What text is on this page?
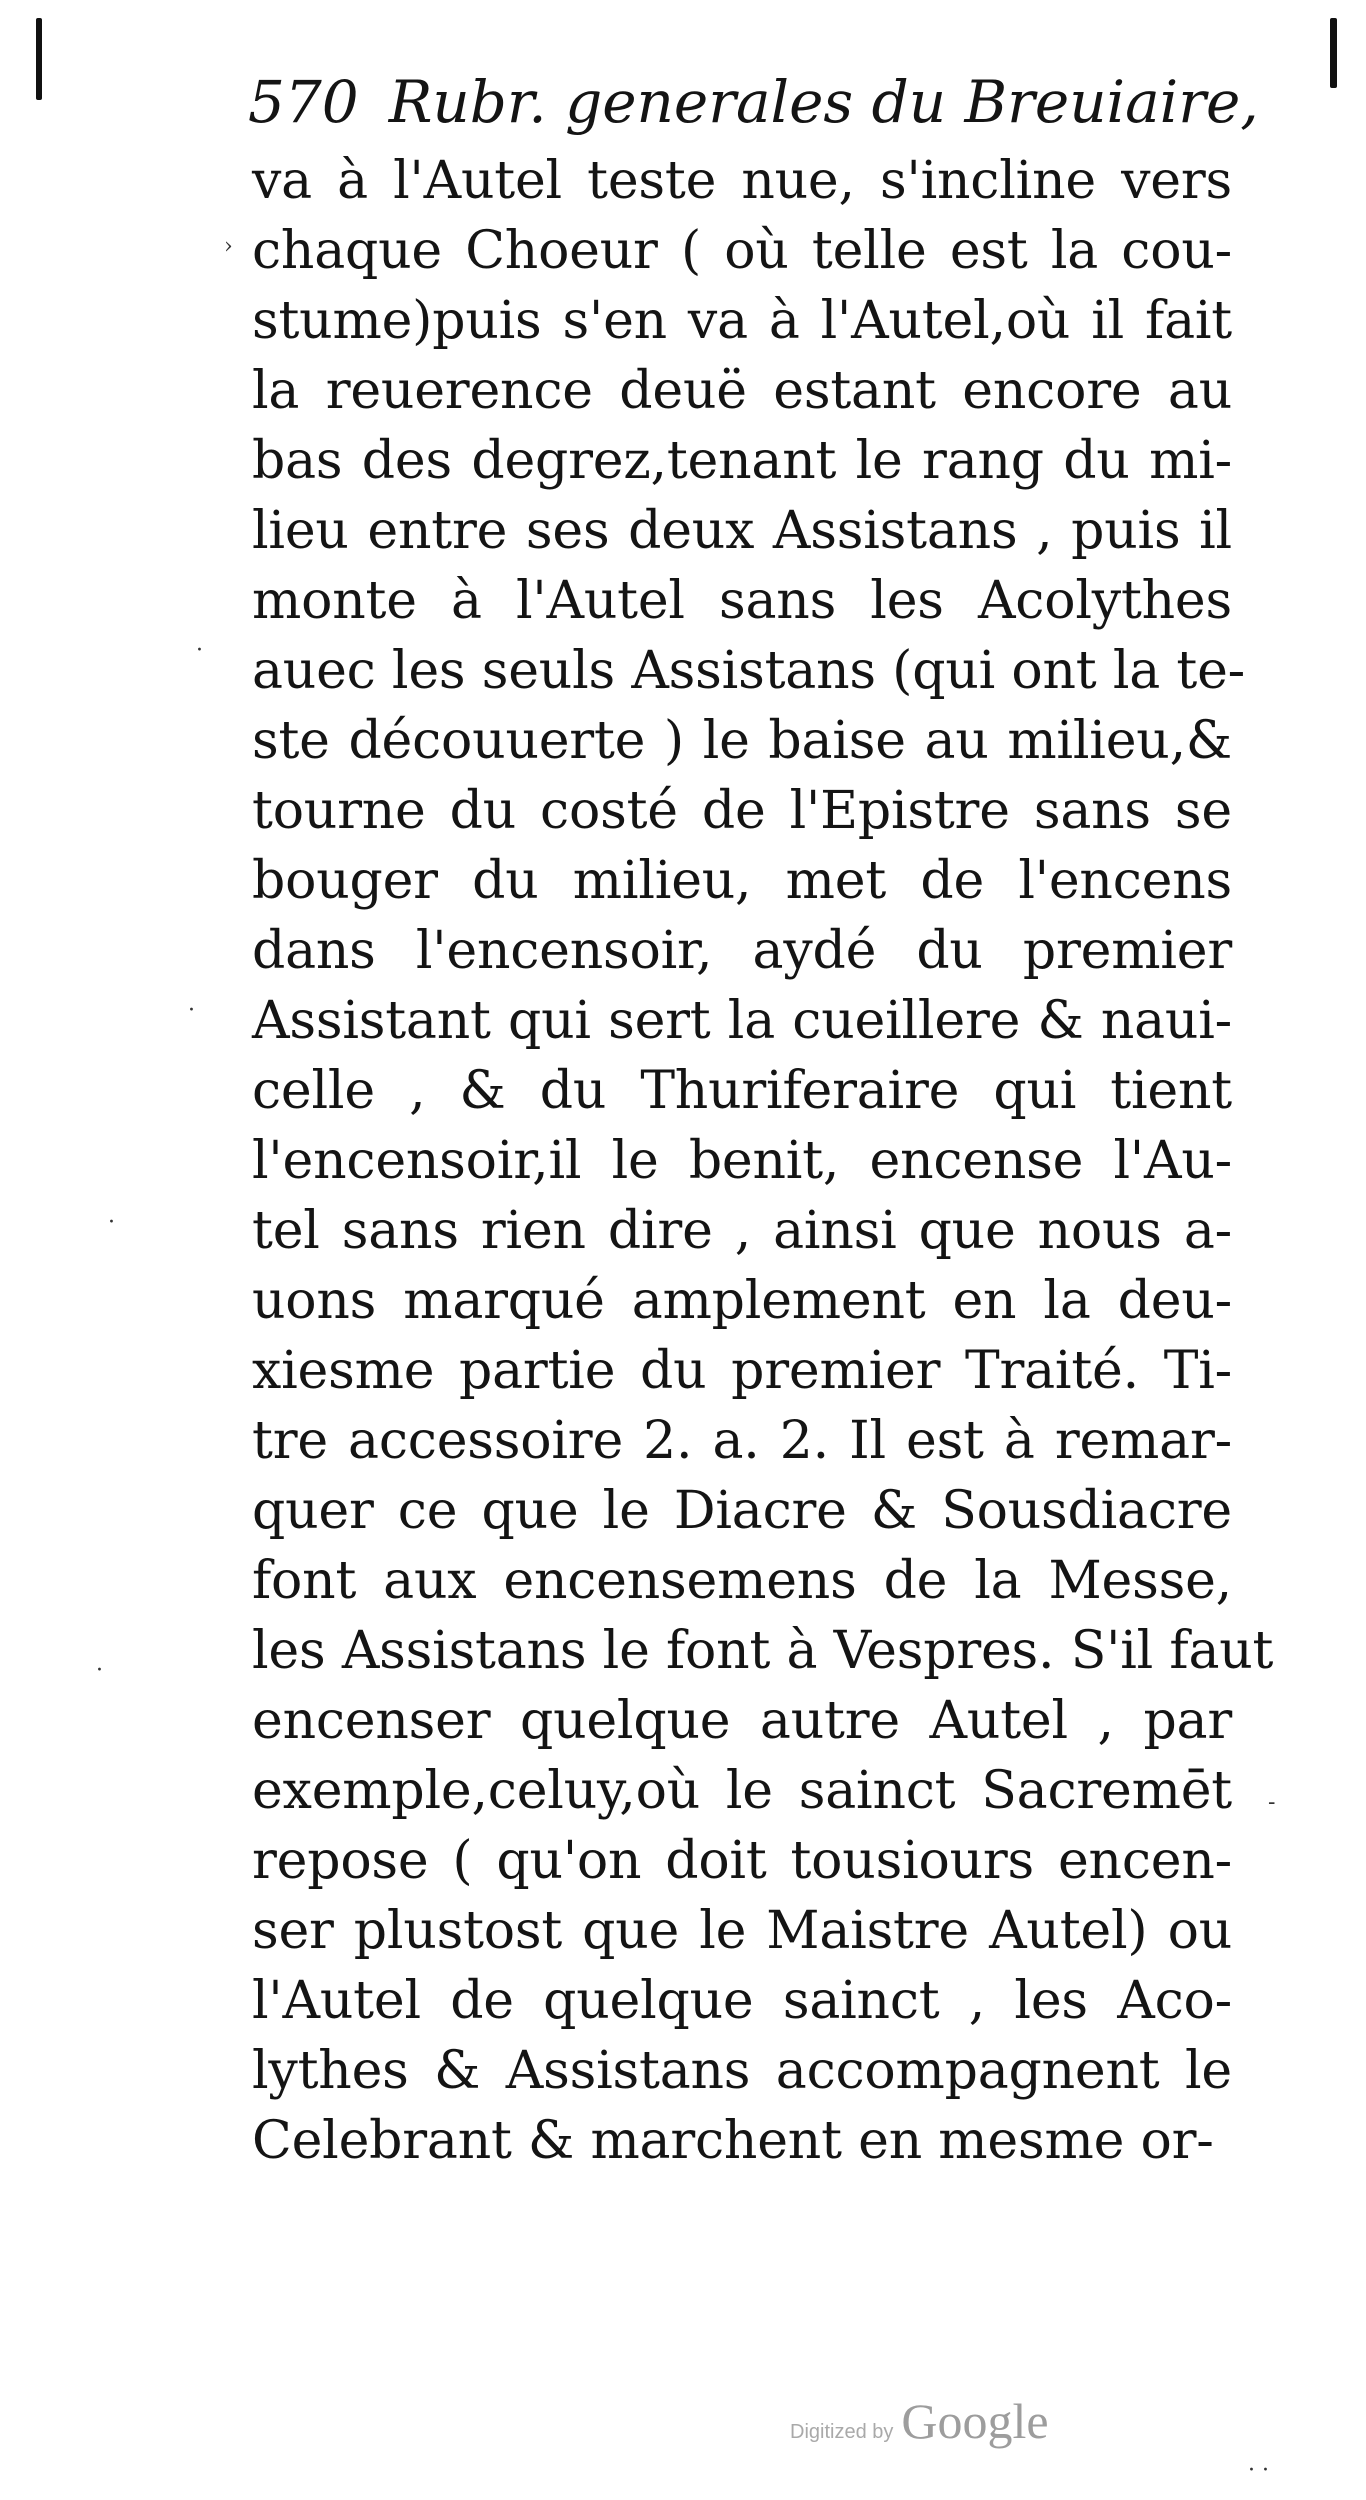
570 Rubr. generales du Breuiaire,
va à l'Autel teste nue, s'incline vers
chaque Choeur ( où telle est la cou-
stume)puis s'en va à l'Autel,où il fait
la reuerence deuë estant encore au
bas des degrez,tenant le rang du mi-
lieu entre ses deux Assistans , puis il
monte à l'Autel sans les Acolythes
auec les seuls Assistans (qui ont la te-
ste découuerte ) le baise au milieu,&
tourne du costé de l'Epistre sans se
bouger du milieu, met de l'encens
dans l'encensoir, aydé du premier
Assistant qui sert la cueillere & naui-
celle , & du Thuriferaire qui tient
l'encensoir,il le benit, encense l'Au-
tel sans rien dire , ainsi que nous a-
uons marqué amplement en la deu-
xiesme partie du premier Traité. Ti-
tre accessoire 2. a. 2. Il est à remar-
quer ce que le Diacre & Sousdiacre
font aux encensemens de la Messe,
les Assistans le font à Vespres. S'il faut
encenser quelque autre Autel , par
exemple,celuy,où le sainct Sacremēt
repose ( qu'on doit tousiours encen-
ser plustost que le Maistre Autel) ou
l'Autel de quelque sainct , les Aco-
lythes & Assistans accompagnent le
Celebrant & marchent en mesme or-
›
·
·
·
·
-
· ·
Digitized by Google
